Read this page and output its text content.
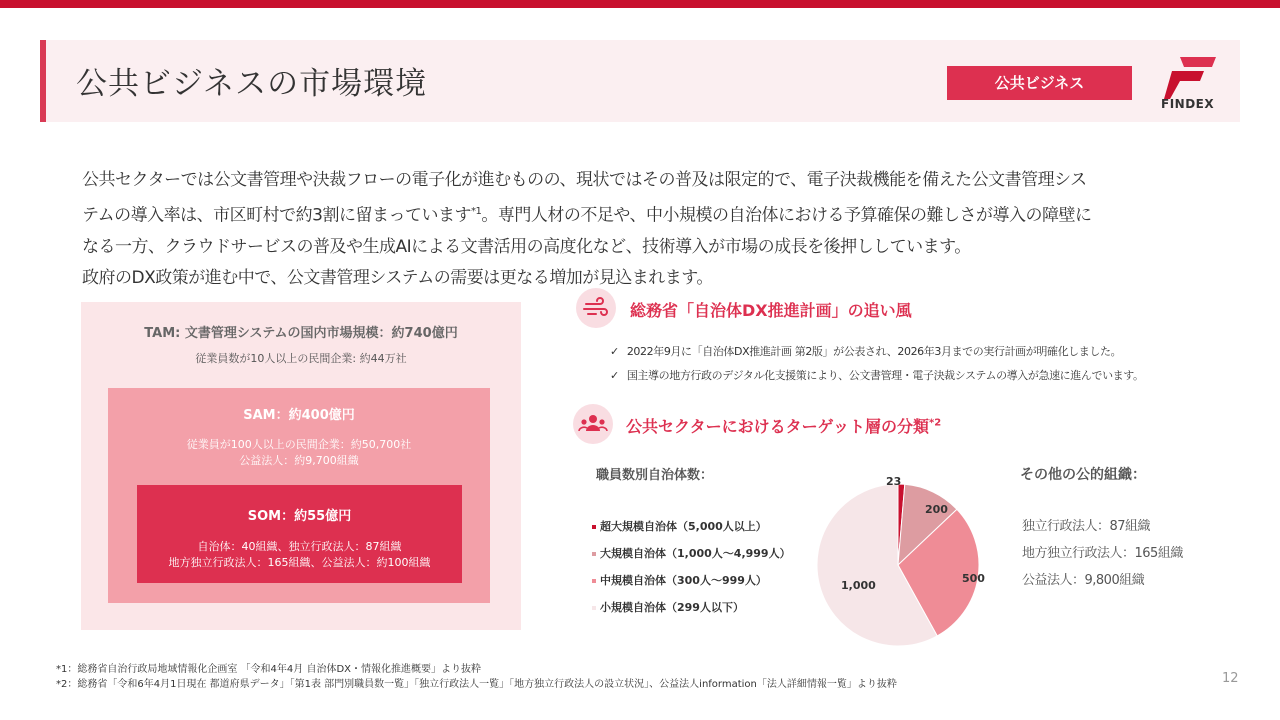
公共ビジネスの市場環境	公共ビジネス
FINDEX
公共セクターでは公文書管理や決裁フローの電子化が進むものの、現状ではその普及は限定的で、電子決裁機能を備えた公文書管理シス
テムの導入率は、市区町村で約3割に留まっています$^{*1}$。専門人材の不足や、中小規模の自治体における予算確保の難しさが導入の障壁に
なる一方、クラウドサービスの普及や生成AIによる文書活用の高度化など、技術導入が市場の成長を後押ししています。
政府のDX政策が進む中で、公文書管理システムの需要は更なる増加が見込まれます。
TAM: 文書管理システムの国内市場規模：約740億円
従業員数が10人以上の民間企業: 約44万社
SAM：約400億円
従業員が100人以上の民間企業：約50,700社
公益法人：約9,700組織
SOM：約55億円
自治体：40組織、独立行政法人：87組織
地方独立行政法人：165組織、公益法人：約100組織
総務省「自治体DX推進計画」の追い風
✓ 2022年9月に「自治体DX推進計画 第2版」が公表され、2026年3月までの実行計画が明確化しました。
✓ 国主導の地方行政のデジタル化支援策により、公文書管理・電子決裁システムの導入が急速に進んでいます。
公共セクターにおけるターゲット層の分類$^{*2}$
職員数別自治体数：
超大規模自治体（5,000人以上）
大規模自治体（1,000人〜4,999人）
中規模自治体（300人〜999人）
小規模自治体（299人以下）
23
200
500
1,000
その他の公的組織：
独立行政法人：87組織
地方独立行政法人：165組織
公益法人：9,800組織
*1：総務省自治行政局地域情報化企画室 「令和4年4月 自治体DX・情報化推進概要」より抜粋
*2：総務省「令和6年4月1日現在 都道府県データ」「第1表 部門別職員数一覧」「独立行政法人一覧」「地方独立行政法人の設立状況」、公益法人information「法人詳細情報一覧」より抜粋	12
